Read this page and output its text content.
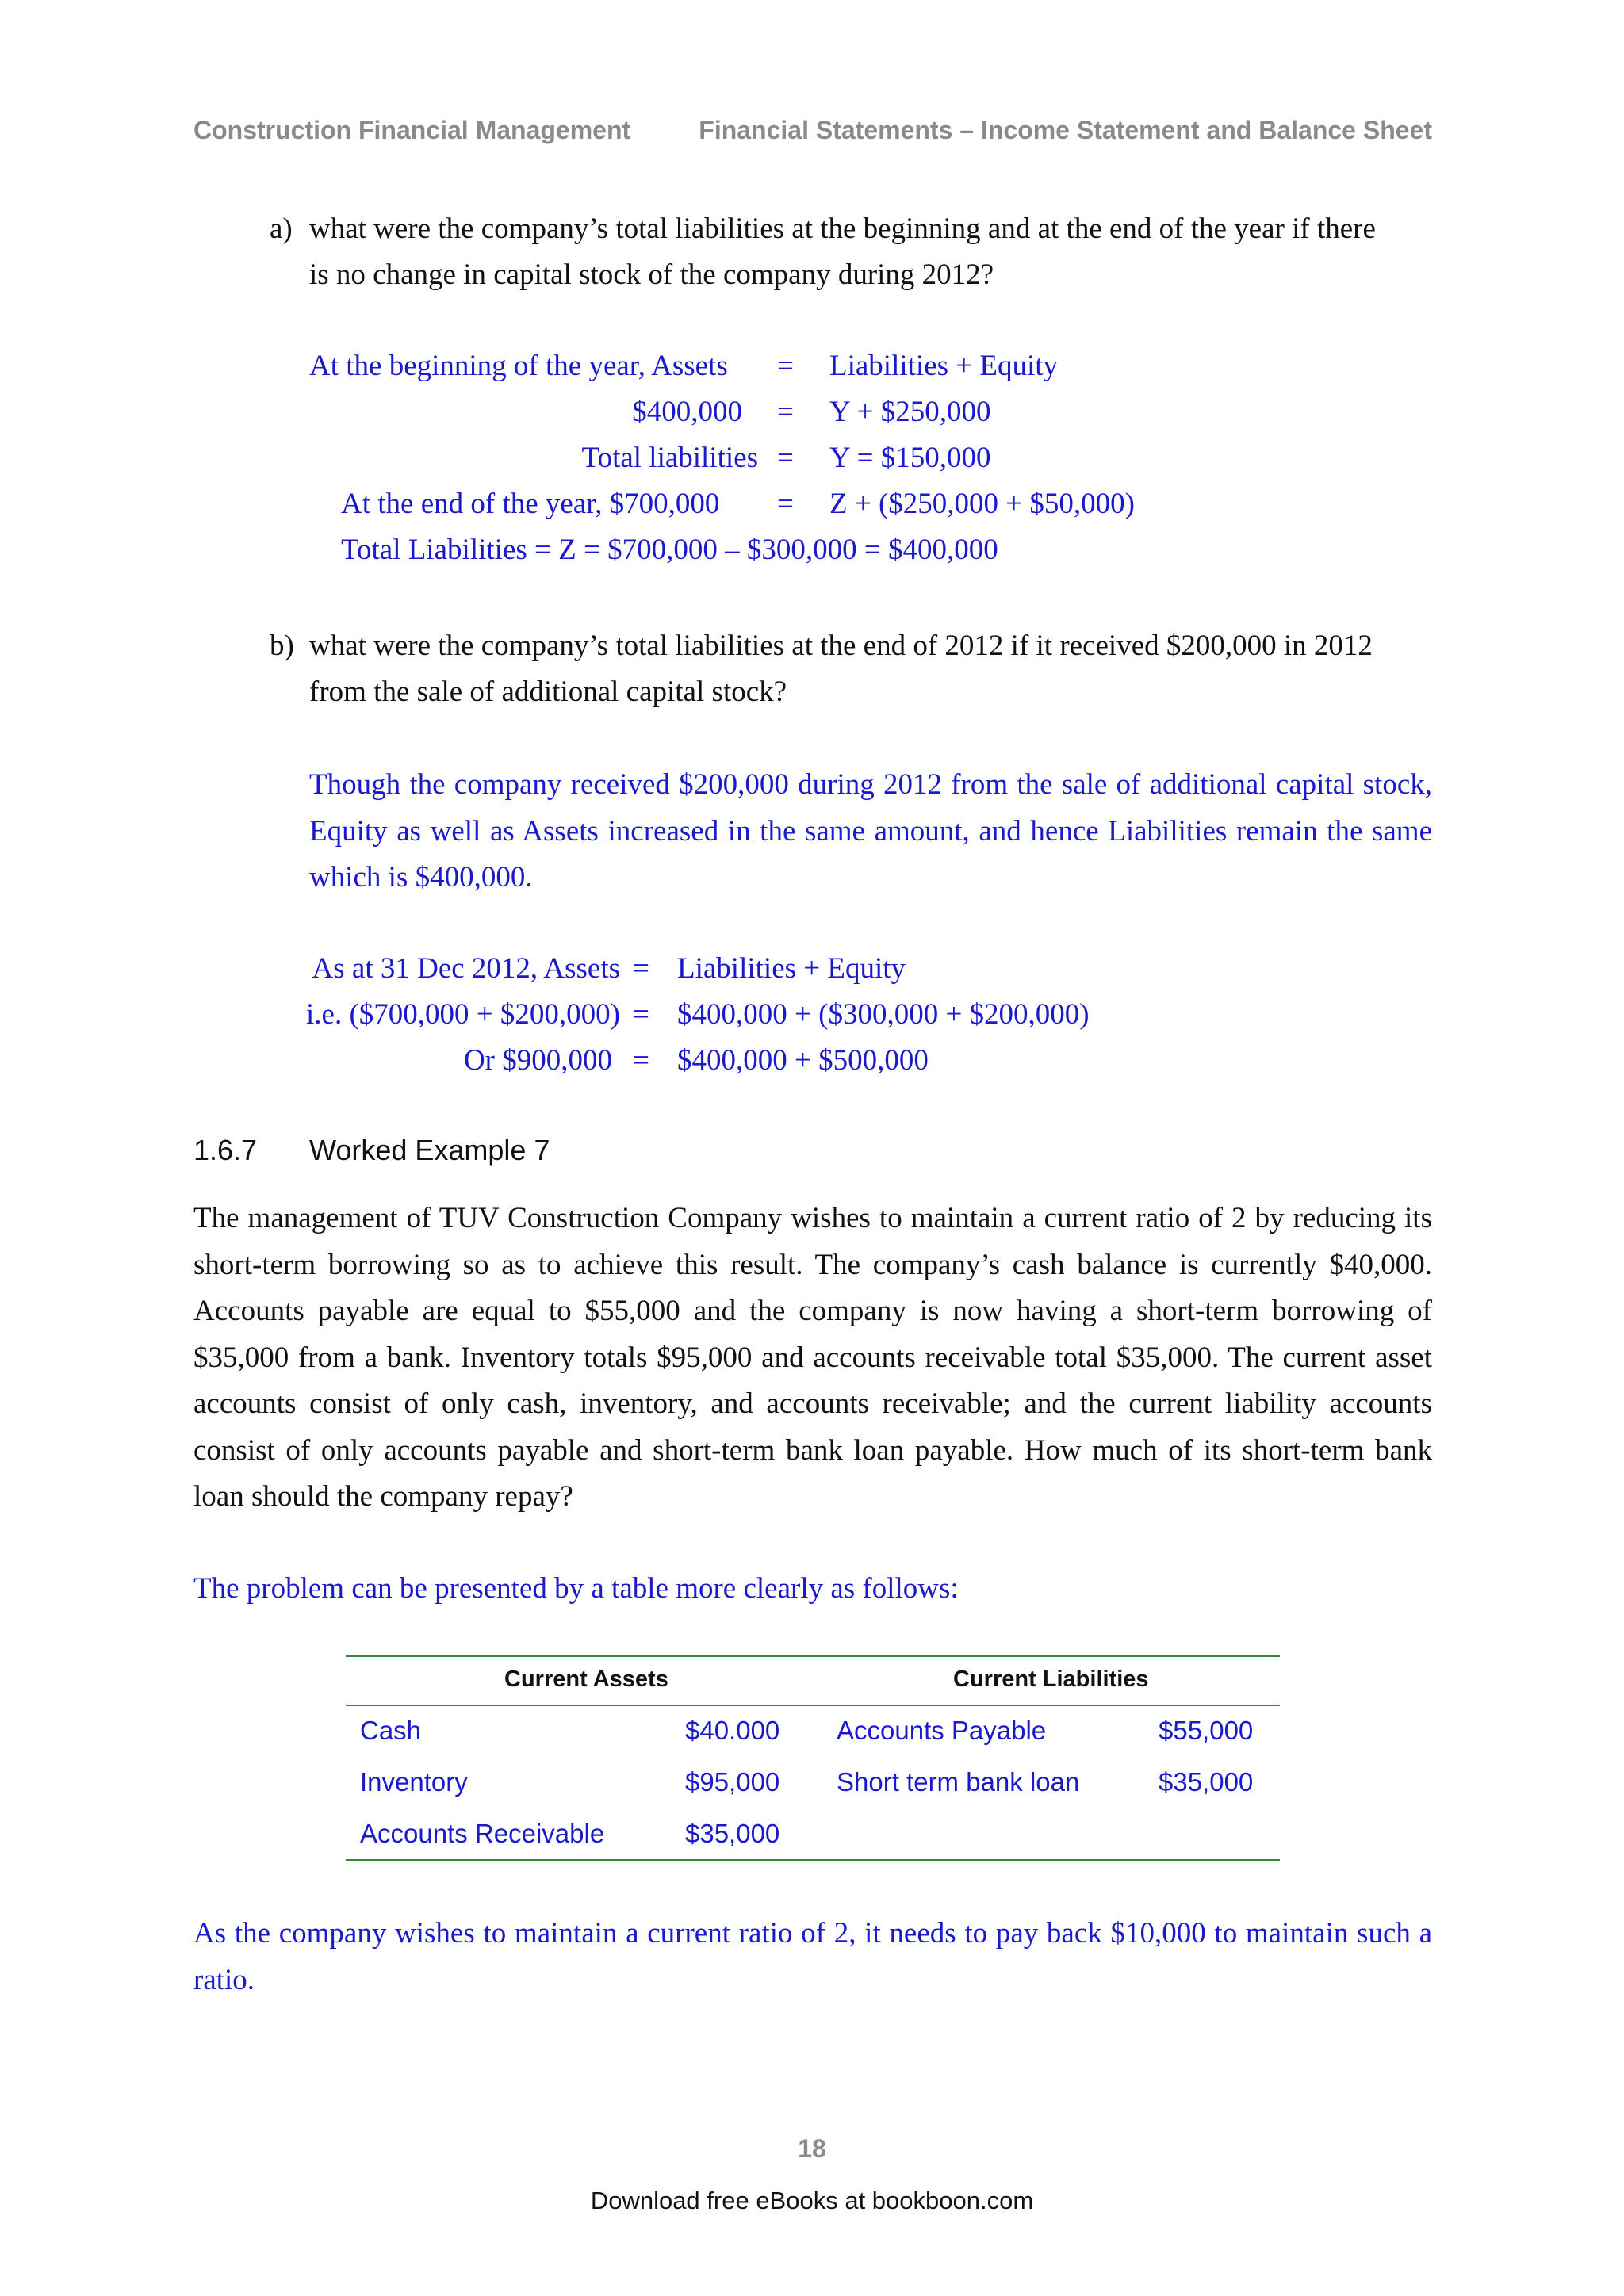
Construction Financial Management	Financial Statements – Income Statement and Balance Sheet
a) what were the company’s total liabilities at the beginning and at the end of the year if there
is no change in capital stock of the company during 2012?
At the beginning of the year, Assets = Liabilities + Equity
$400,000 = Y + $250,000
Total liabilities = Y = $150,000
At the end of the year, $700,000 = Z + ($250,000 + $50,000)
Total Liabilities = Z = $700,000 – $300,000 = $400,000
b) what were the company’s total liabilities at the end of 2012 if it received $200,000 in 2012
from the sale of additional capital stock?
Though the company received $200,000 during 2012 from the sale of additional capital stock, Equity as well as Assets increased in the same amount, and hence Liabilities remain the same which is $400,000.
As at 31 Dec 2012, Assets = Liabilities + Equity
i.e. ($700,000 + $200,000) = $400,000 + ($300,000 + $200,000)
Or $900,000 = $400,000 + $500,000
1.6.7 Worked Example 7
The management of TUV Construction Company wishes to maintain a current ratio of 2 by reducing its short-term borrowing so as to achieve this result. The company’s cash balance is currently $40,000. Accounts payable are equal to $55,000 and the company is now having a short-term borrowing of $35,000 from a bank. Inventory totals $95,000 and accounts receivable total $35,000. The current asset accounts consist of only cash, inventory, and accounts receivable; and the current liability accounts consist of only accounts payable and short-term bank loan payable. How much of its short-term bank loan should the company repay?
The problem can be presented by a table more clearly as follows:
Current Assets	Current Liabilities
Cash	$40.000 Accounts Payable	$55,000
Inventory	$95,000 Short term bank loan	$35,000
Accounts Receivable	$35,000
As the company wishes to maintain a current ratio of 2, it needs to pay back $10,000 to maintain such a ratio.
18
Download free eBooks at bookboon.com
